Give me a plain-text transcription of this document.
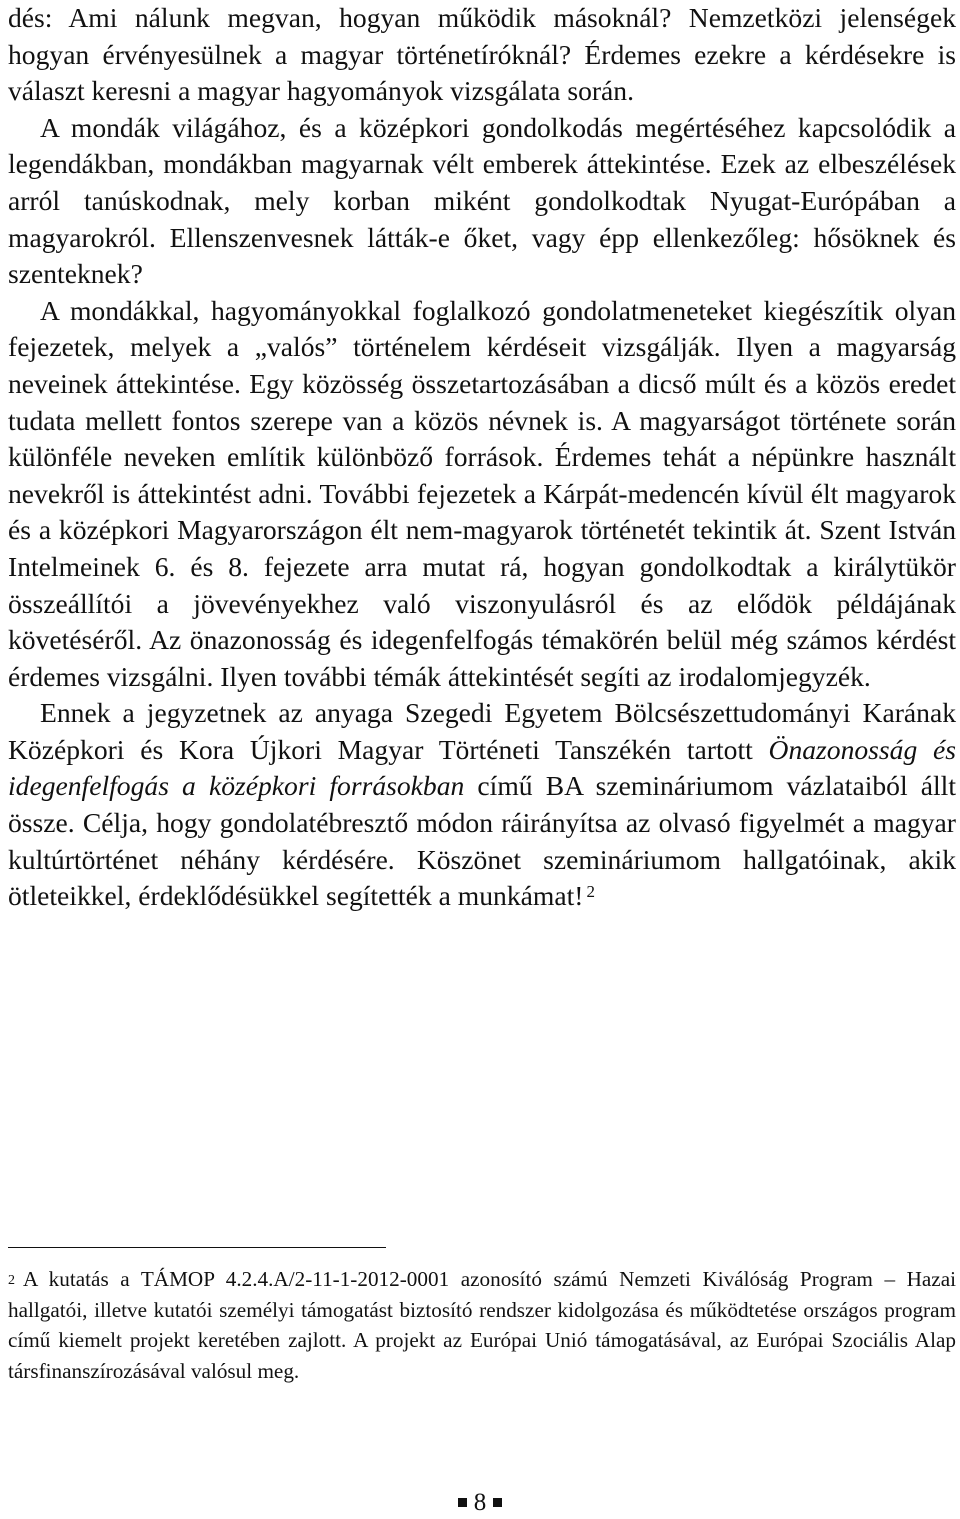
dés: Ami nálunk megvan, hogyan működik másoknál? Nemzetközi jelenségek hogyan érvényesülnek a magyar történetíróknál? Érdemes ezekre a kérdésekre is választ keresni a magyar hagyományok vizsgálata során.

A mondák világához, és a középkori gondolkodás megértéséhez kapcsolódik a legendákban, mondákban magyarnak vélt emberek áttekintése. Ezek az elbeszélések arról tanúskodnak, mely korban miként gondolkodtak Nyugat-Európában a magyarokról. Ellenszenvesnek látták-e őket, vagy épp ellenkezőleg: hősöknek és szenteknek?

A mondákkal, hagyományokkal foglalkozó gondolatmeneteket kiegészítik olyan fejezetek, melyek a „valós” történelem kérdéseit vizsgálják. Ilyen a magyarság neveinek áttekintése. Egy közösség összetartozásában a dicső múlt és a közös eredet tudata mellett fontos szerepe van a közös névnek is. A magyarságot története során különféle neveken említik különböző források. Érdemes tehát a népünkre használt nevekről is áttekintést adni. További fejezetek a Kárpát-medencén kívül élt magyarok és a középkori Magyarországon élt nem-magyarok történetét tekintik át. Szent István Intelmeinek 6. és 8. fejezete arra mutat rá, hogyan gondolkodtak a királytükör összeállítói a jövevényekhez való viszonyulásról és az elődök példájának követéséről. Az önazonosság és idegenfelfogás témakörén belül még számos kérdést érdemes vizsgálni. Ilyen további témák áttekintését segíti az irodalomjegyzék.

Ennek a jegyzetnek az anyaga Szegedi Egyetem Bölcsészettudományi Karának Középkori és Kora Újkori Magyar Történeti Tanszékén tartott Önazonosság és idegenfelfogás a középkori forrásokban című BA szemináriumom vázlataiból állt össze. Célja, hogy gondolatébresztő módon ráirányítsa az olvasó figyelmét a magyar kultúrtörténet néhány kérdésére. Köszönet szemináriumom hallgatóinak, akik ötleteikkel, érdeklődésükkel segítették a munkámat! $^2$

$^2$ A kutatás a TÁMOP 4.2.4.A/2-11-1-2012-0001 azonosító számú Nemzeti Kiválóság Program – Hazai hallgatói, illetve kutatói személyi támogatást biztosító rendszer kidolgozása és működtetése országos program című kiemelt projekt keretében zajlott. A projekt az Európai Unió támogatásával, az Európai Szociális Alap társfinanszírozásával valósul meg.
8
